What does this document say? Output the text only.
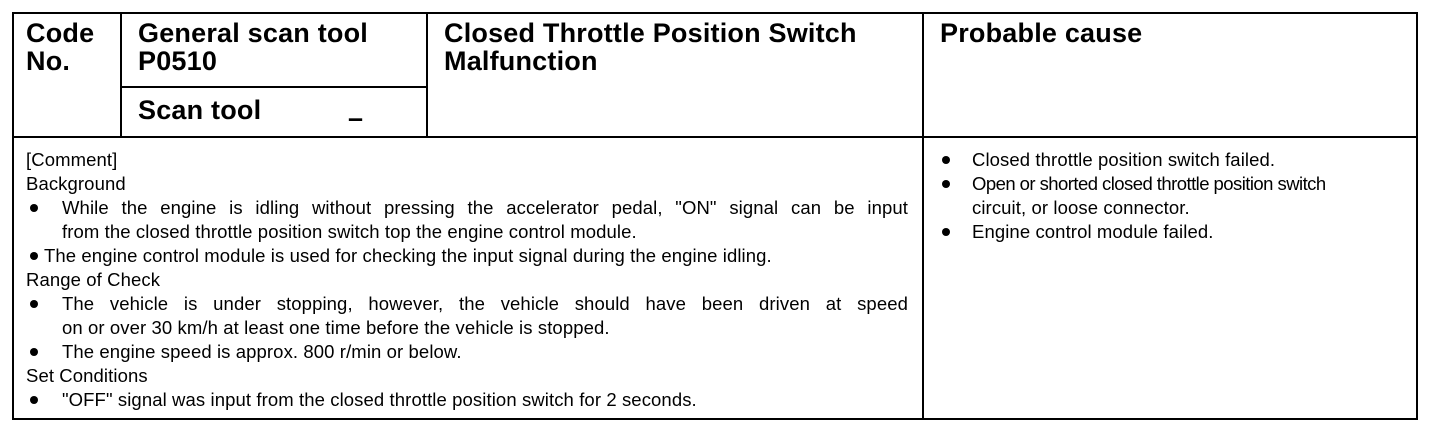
Code
No.
General scan tool
P0510
Scan tool	–
Closed Throttle Position Switch
Malfunction
Probable cause
[Comment]
Background
While the engine is idling without pressing the accelerator pedal, "ON" signal can be input
from the closed throttle position switch top the engine control module.
The engine control module is used for checking the input signal during the engine idling.
Range of Check
The vehicle is under stopping, however, the vehicle should have been driven at speed
on or over 30 km/h at least one time before the vehicle is stopped.
The engine speed is approx. 800 r/min or below.
Set Conditions
"OFF" signal was input from the closed throttle position switch for 2 seconds.
Closed throttle position switch failed.
Open or shorted closed throttle position switch
circuit, or loose connector.
Engine control module failed.
